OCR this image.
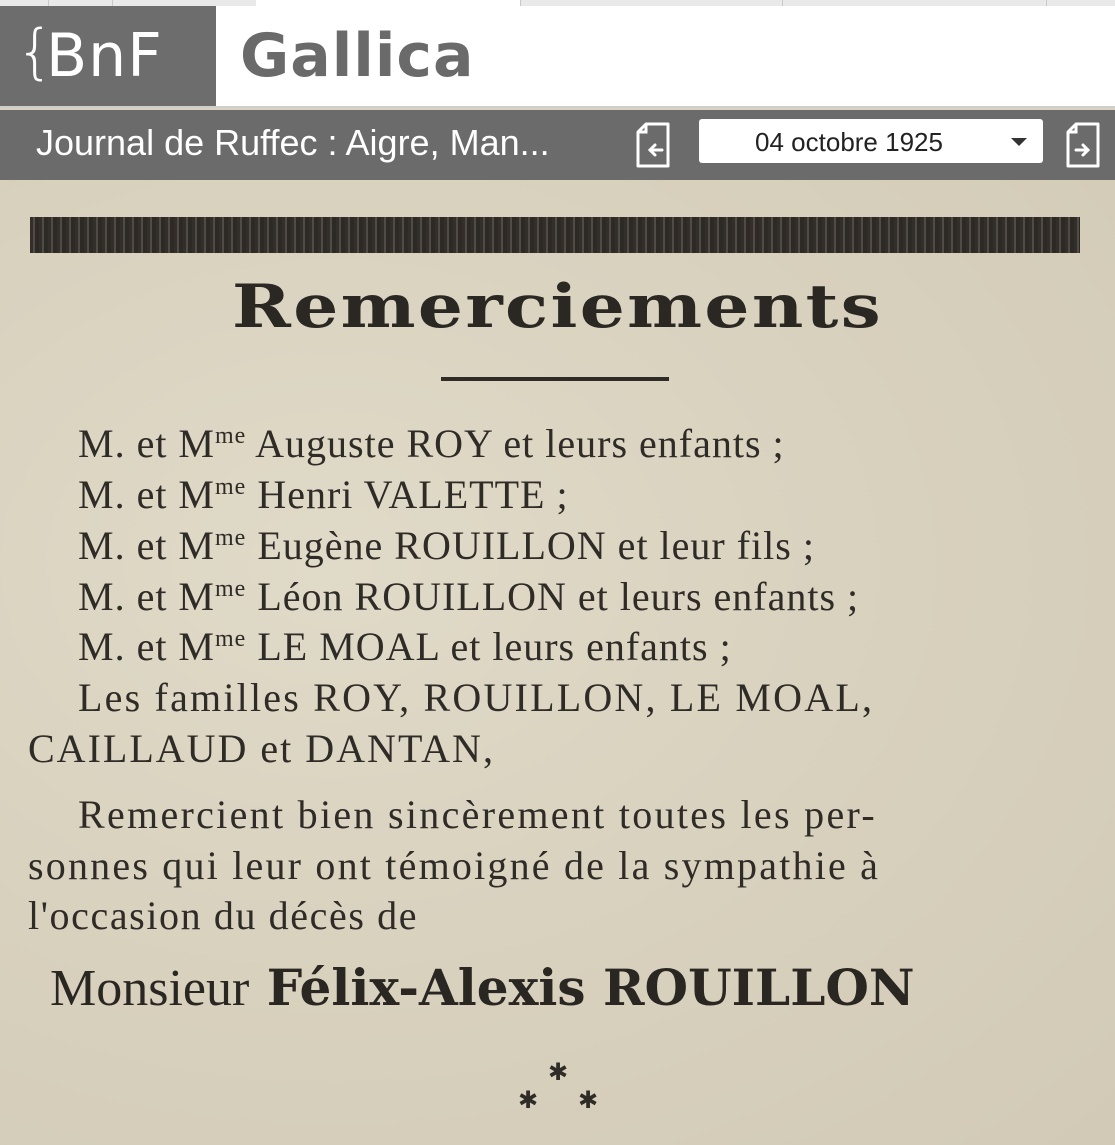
{
BnF Gallica
Journal de Ruffec : Aigre, Man...	04 octobre 1925
Remerciements
M. et $M^{me}$ Auguste ROY et leurs enfants ;
M. et $M^{me}$ Henri VALETTE ;
M. et $M^{me}$ Eugène ROUILLON et leur fils ;
M. et $M^{me}$ Léon ROUILLON et leurs enfants ;
M. et $M^{me}$ LE MOAL et leurs enfants ;
Les familles ROY, ROUILLON, LE MOAL,
CAILLAUD et DANTAN,
Remercient bien sincèrement toutes les per-
sonnes qui leur ont témoigné de la sympathie à
l'occasion du décès de
Monsieur Félix-Alexis ROUILLON
✱
✱ ✱
